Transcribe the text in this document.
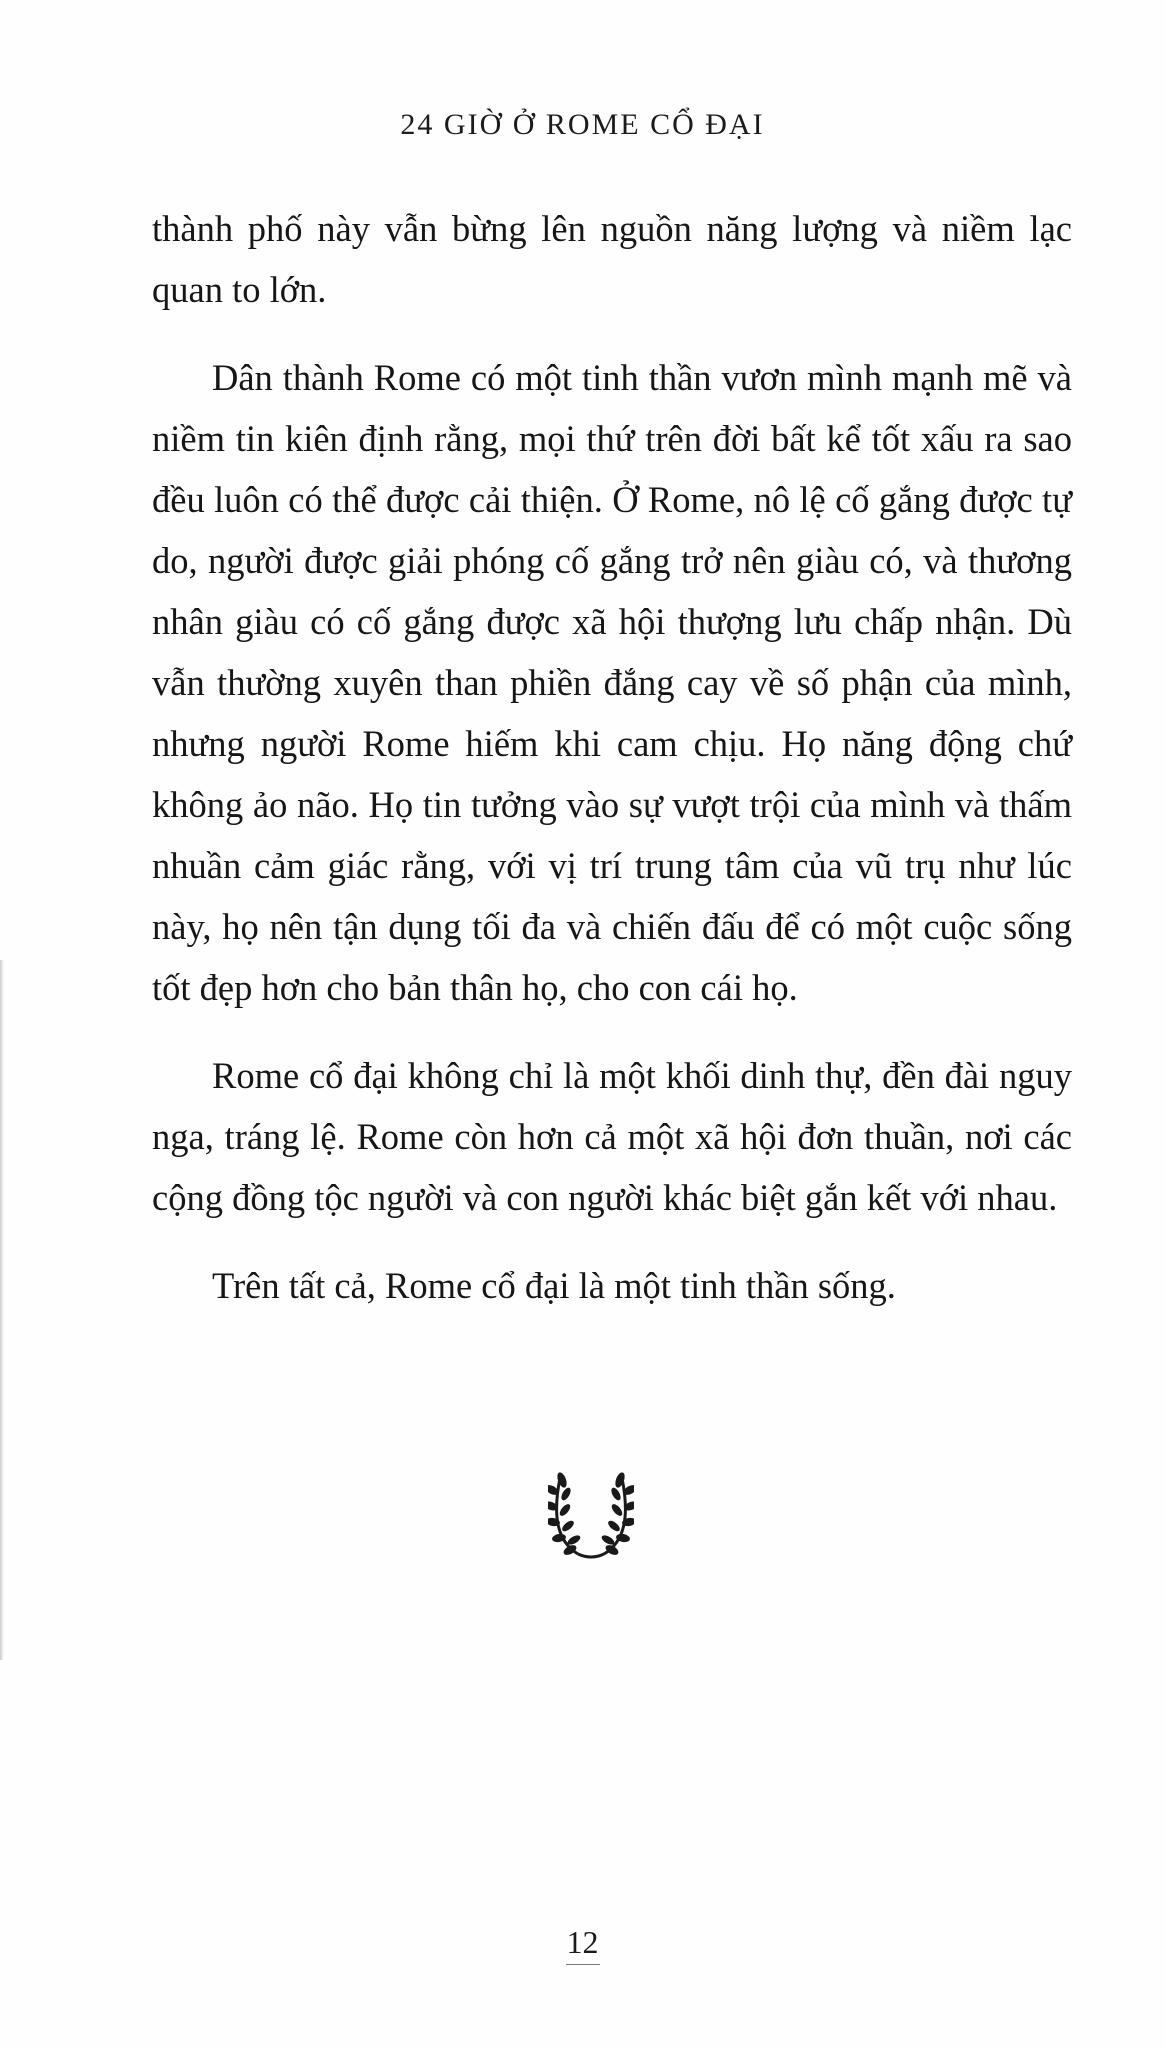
24 GIỜ Ở ROME CỔ ĐẠI

thành phố này vẫn bừng lên nguồn năng lượng và niềm lạc quan to lớn.

Dân thành Rome có một tinh thần vươn mình mạnh mẽ và niềm tin kiên định rằng, mọi thứ trên đời bất kể tốt xấu ra sao đều luôn có thể được cải thiện. Ở Rome, nô lệ cố gắng được tự do, người được giải phóng cố gắng trở nên giàu có, và thương nhân giàu có cố gắng được xã hội thượng lưu chấp nhận. Dù vẫn thường xuyên than phiền đắng cay về số phận của mình, nhưng người Rome hiếm khi cam chịu. Họ năng động chứ không ảo não. Họ tin tưởng vào sự vượt trội của mình và thấm nhuần cảm giác rằng, với vị trí trung tâm của vũ trụ như lúc này, họ nên tận dụng tối đa và chiến đấu để có một cuộc sống tốt đẹp hơn cho bản thân họ, cho con cái họ.

Rome cổ đại không chỉ là một khối dinh thự, đền đài nguy nga, tráng lệ. Rome còn hơn cả một xã hội đơn thuần, nơi các cộng đồng tộc người và con người khác biệt gắn kết với nhau.

Trên tất cả, Rome cổ đại là một tinh thần sống.

12
